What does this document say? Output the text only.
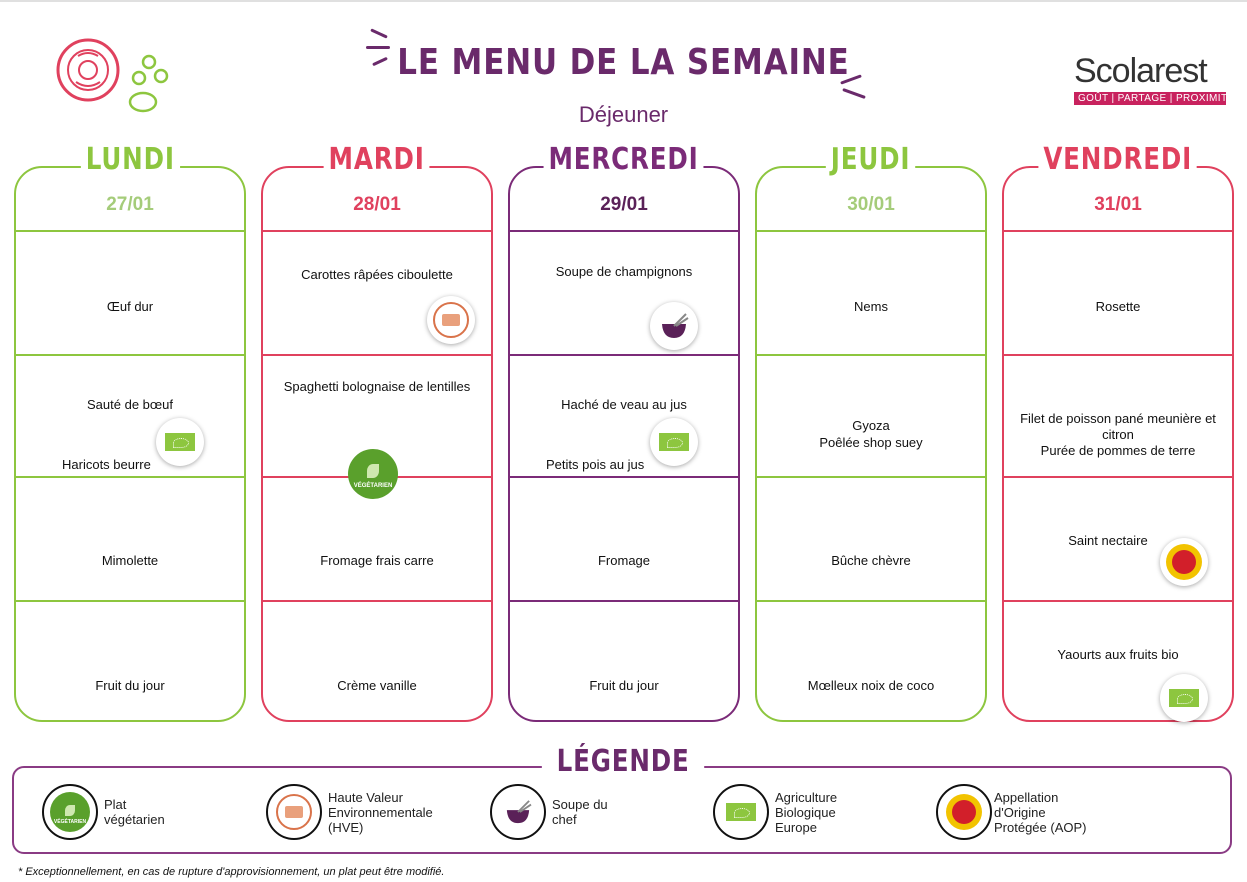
LE MENU DE LA SEMAINE
Déjeuner
Scolarest
GOÛT | PARTAGE | PROXIMITÉ
LUNDI
27/01
Œuf dur
Sauté de bœuf
Haricots beurre
Mimolette
Fruit du jour
MARDI
28/01
Carottes râpées ciboulette
Spaghetti bolognaise de lentilles
VÉGÉTARIEN
Fromage frais carre
Crème vanille
MERCREDI
29/01
Soupe de champignons
Haché de veau au jus
Petits pois au jus
Fromage
Fruit du jour
JEUDI
30/01
Nems
Gyoza
Poêlée shop suey
Bûche chèvre
Mœlleux noix de coco
VENDREDI
31/01
Rosette
Filet de poisson pané meunière et citron
Purée de pommes de terre
Saint nectaire
Yaourts aux fruits bio
LÉGENDE
VÉGÉTARIEN
Plat
végétarien
Haute Valeur
Environnementale
(HVE)
Soupe du
chef
Agriculture
Biologique
Europe
Appellation
d'Origine
Protégée (AOP)
* Exceptionnellement, en cas de rupture d'approvisionnement, un plat peut être modifié.
